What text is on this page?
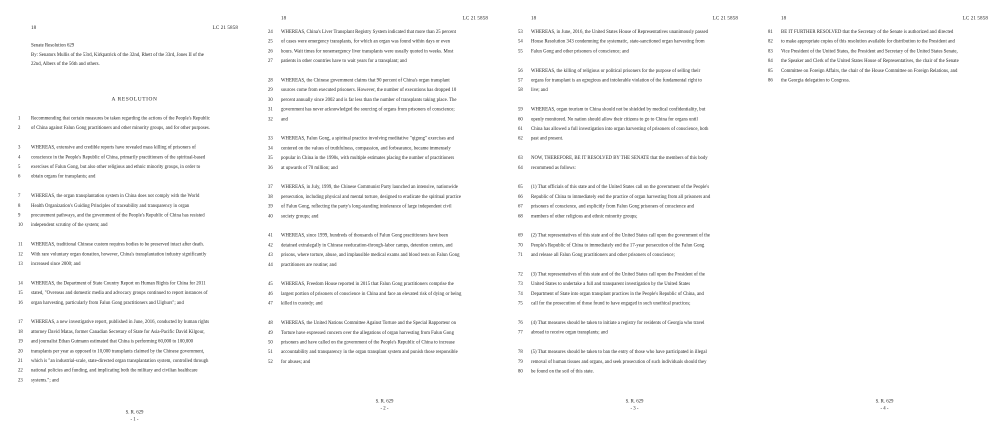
18	LC 21 5858
Senate Resolution 629
By: Senators Mullis of the 53rd, Kirkpatrick of the 32nd, Rhett of the 33rd, Jones II of the
22nd, Albers of the 56th and others.
A RESOLUTION
1	Recommending that certain measures be taken regarding the actions of the People's Republic
2	of China against Falun Gong practitioners and other minority groups, and for other purposes.
3	WHEREAS, extensive and credible reports have revealed mass killing of prisoners of
4	conscience in the People's Republic of China, primarily practitioners of the spiritual-based
5	exercises of Falun Gong, but also other religious and ethnic minority groups, in order to
6	obtain organs for transplants; and
7	WHEREAS, the organ transplantation system in China does not comply with the World
8	Health Organization's Guiding Principles of traceability and transparency in organ
9	procurement pathways, and the government of the People's Republic of China has resisted
10 independent scrutiny of the system; and
11 WHEREAS, traditional Chinese custom requires bodies to be preserved intact after death.
12 With rare voluntary organ donation, however, China's transplantation industry significantly
13 increased since 2000; and
14 WHEREAS, the Department of State Country Report on Human Rights for China for 2011
15 stated, "Overseas and domestic media and advocacy groups continued to report instances of
16 organ harvesting, particularly from Falun Gong practitioners and Uighurs"; and
17 WHEREAS, a new investigative report, published in June, 2016, conducted by human rights
18 attorney David Matas, former Canadian Secretary of State for Asia-Pacific David Kilgour,
19 and journalist Ethan Gutmann estimated that China is performing 60,000 to 100,000
20 transplants per year as opposed to 10,000 transplants claimed by the Chinese government,
21 which is "an industrial-scale, state-directed organ transplantation system, controlled through
22 national policies and funding, and implicating both the military and civilian healthcare
23 systems."; and
S. R. 629
- 1 -
18	LC 21 5858
24 WHEREAS, China's Liver Transplant Registry System indicated that more than 25 percent
25 of cases were emergency transplants, for which an organ was found within days or even
26 hours. Wait times for nonemergency liver transplants were usually quoted in weeks. Most
27 patients in other countries have to wait years for a transplant; and
28 WHEREAS, the Chinese government claims that 90 percent of China's organ transplant
29 sources come from executed prisoners. However, the number of executions has dropped 10
30 percent annually since 2002 and is far less than the number of transplants taking place. The
31 government has never acknowledged the sourcing of organs from prisoners of conscience;
32 and
33 WHEREAS, Falun Gong, a spiritual practice involving meditative "qigong" exercises and
34 centered on the values of truthfulness, compassion, and forbearance, became immensely
35 popular in China in the 1990s, with multiple estimates placing the number of practitioners
36 at upwards of 70 million; and
37 WHEREAS, in July, 1999, the Chinese Communist Party launched an intensive, nationwide
38 persecution, including physical and mental torture, designed to eradicate the spiritual practice
39 of Falun Gong, reflecting the party's long-standing intolerance of large independent civil
40 society groups; and
41 WHEREAS, since 1999, hundreds of thousands of Falun Gong practitioners have been
42 detained extralegally in Chinese reeducation-through-labor camps, detention centers, and
43 prisons, where torture, abuse, and implausible medical exams and blood tests on Falun Gong
44 practitioners are routine; and
45 WHEREAS, Freedom House reported in 2015 that Falun Gong practitioners comprise the
46 largest portion of prisoners of conscience in China and face an elevated risk of dying or being
47 killed in custody; and
48 WHEREAS, the United Nations Committee Against Torture and the Special Rapporteur on
49 Torture have expressed concern over the allegations of organ harvesting from Falun Gong
50 prisoners and have called on the government of the People's Republic of China to increase
51 accountability and transparency in the organ transplant system and punish those responsible
52 for abuses; and
S. R. 629
- 2 -
18	LC 21 5858
53 WHEREAS, in June, 2016, the United States House of Representatives unanimously passed
54 House Resolution 343 condemning the systematic, state-sanctioned organ harvesting from
55 Falun Gong and other prisoners of conscience; and
56 WHEREAS, the killing of religious or political prisoners for the purpose of selling their
57 organs for transplant is an egregious and intolerable violation of the fundamental right to
58 live; and
59 WHEREAS, organ tourism to China should not be shielded by medical confidentiality, but
60 openly monitored. No nation should allow their citizens to go to China for organs until
61 China has allowed a full investigation into organ harvesting of prisoners of conscience, both
62 past and present.
63 NOW, THEREFORE, BE IT RESOLVED BY THE SENATE that the members of this body
64 recommend as follows:
65 (1) That officials of this state and of the United States call on the government of the People's
66 Republic of China to immediately end the practice of organ harvesting from all prisoners and
67 prisoners of conscience, and explicitly from Falun Gong prisoners of conscience and
68 members of other religious and ethnic minority groups;
69 (2) That representatives of this state and of the United States call upon the government of the
70 People's Republic of China to immediately end the 17-year persecution of the Falun Gong
71 and release all Falun Gong practitioners and other prisoners of conscience;
72 (3) That representatives of this state and of the United States call upon the President of the
73 United States to undertake a full and transparent investigation by the United States
74 Department of State into organ transplant practices in the People's Republic of China, and
75 call for the prosecution of those found to have engaged in such unethical practices;
76 (4) That measures should be taken to initiate a registry for residents of Georgia who travel
77 abroad to receive organ transplants; and
78 (5) That measures should be taken to ban the entry of those who have participated in illegal
79 removal of human tissues and organs, and seek prosecution of such individuals should they
80 be found on the soil of this state.
S. R. 629
- 3 -
18	LC 21 5858
81 BE IT FURTHER RESOLVED that the Secretary of the Senate is authorized and directed
82 to make appropriate copies of this resolution available for distribution to the President and
83 Vice President of the United States, the President and Secretary of the United States Senate,
84 the Speaker and Clerk of the United States House of Representatives, the chair of the Senate
85 Committee on Foreign Affairs, the chair of the House Committee on Foreign Relations, and
86 the Georgia delegation to Congress.
S. R. 629
- 4 -
